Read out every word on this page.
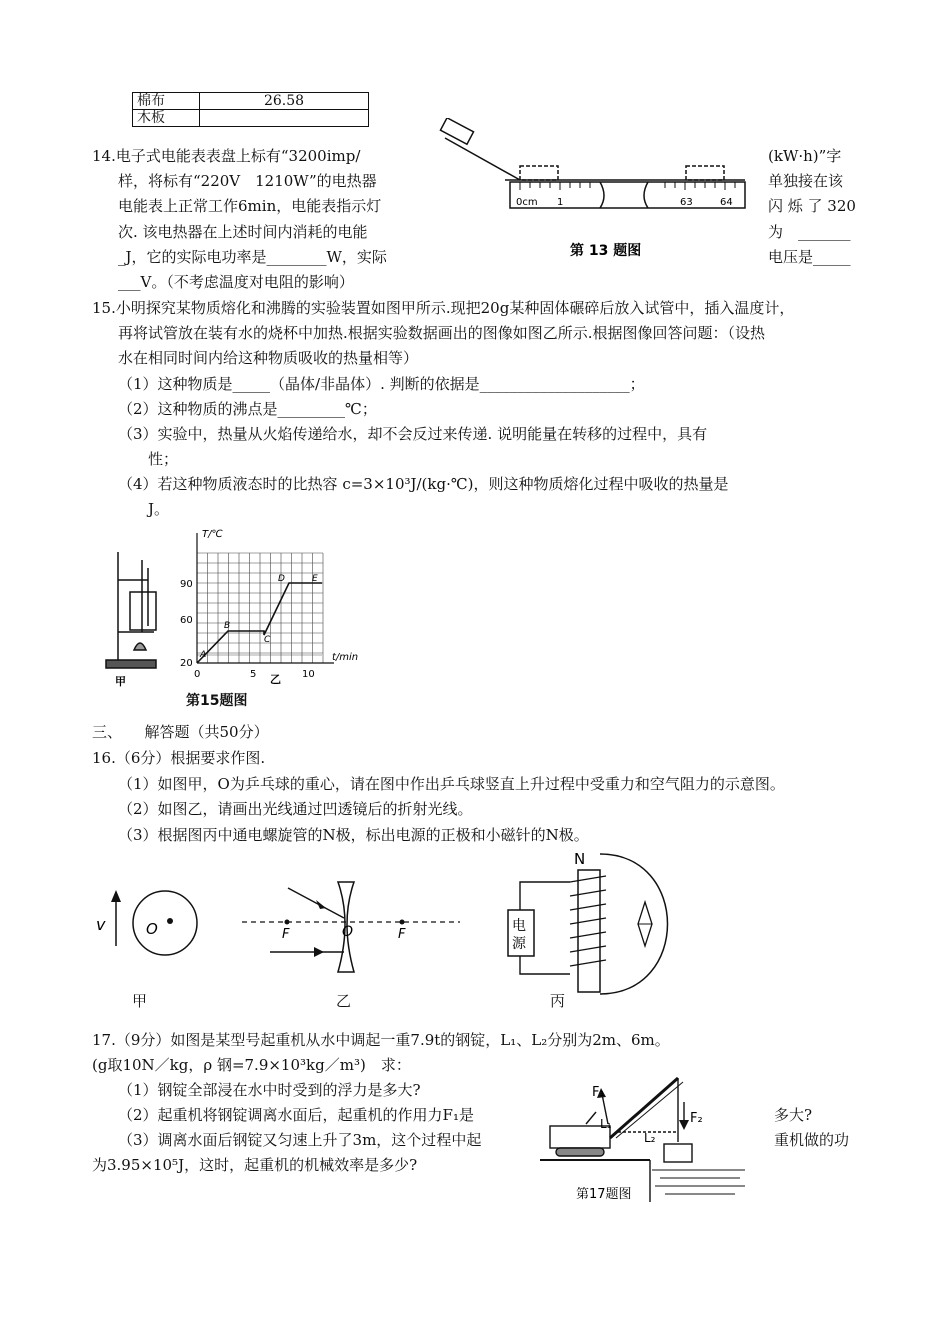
棉布	26.58
木板	
14.电子式电能表表盘上标有“3200imp/
样，将标有“220V　1210W”的电热器
电能表上正常工作6min，电能表指示灯
次. 该电热器在上述时间内消耗的电能
_J，它的实际电功率是________W，实际
___V。（不考虑温度对电阻的影响）
(kW·h)”字
单独接在该
闪 烁 了 320
为　_______
电压是_____
0cm 1	63	64
第 13 题图
15.小明探究某物质熔化和沸腾的实验装置如图甲所示.现把20g某种固体碾碎后放入试管中，插入温度计，
再将试管放在装有水的烧杯中加热.根据实验数据画出的图像如图乙所示.根据图像回答问题：（设热
水在相同时间内给这种物质吸收的热量相等）
（1）这种物质是_____（晶体/非晶体）. 判断的依据是____________________；
（2）这种物质的沸点是_________℃；
（3）实验中，热量从火焰传递给水，却不会反过来传递. 说明能量在转移的过程中，具有
性；
（4）若这种物质液态时的比热容 c=3×10³J/(kg·℃)，则这种物质熔化过程中吸收的热量是
J。
甲
T/℃
t/min
20
60
90
0	5	10
A
B
C
D	E
乙
第15题图
三、　　解答题（共50分）
16.（6分）根据要求作图.
（1）如图甲，O为乒乓球的重心，请在图中作出乒乓球竖直上升过程中受重力和空气阻力的示意图。
（2）如图乙，请画出光线通过凹透镜后的折射光线。
（3）根据图丙中通电螺旋管的N极，标出电源的正极和小磁针的N极。
v	O	F	F
O
N
电
源
甲	乙	丙
17.（9分）如图是某型号起重机从水中调起一重7.9t的钢锭，L₁、L₂分别为2m、6m。
(g取10N／kg，ρ 钢=7.9×10³kg／m³)　求：
（1）钢锭全部浸在水中时受到的浮力是多大?
（2）起重机将钢锭调离水面后，起重机的作用力F₁是	多大?
（3）调离水面后钢锭又匀速上升了3m，这个过程中起	重机做的功
为3.95×10⁵J，这时，起重机的机械效率是多少?
F₁
F₂
L₁
L₂
第17题图
